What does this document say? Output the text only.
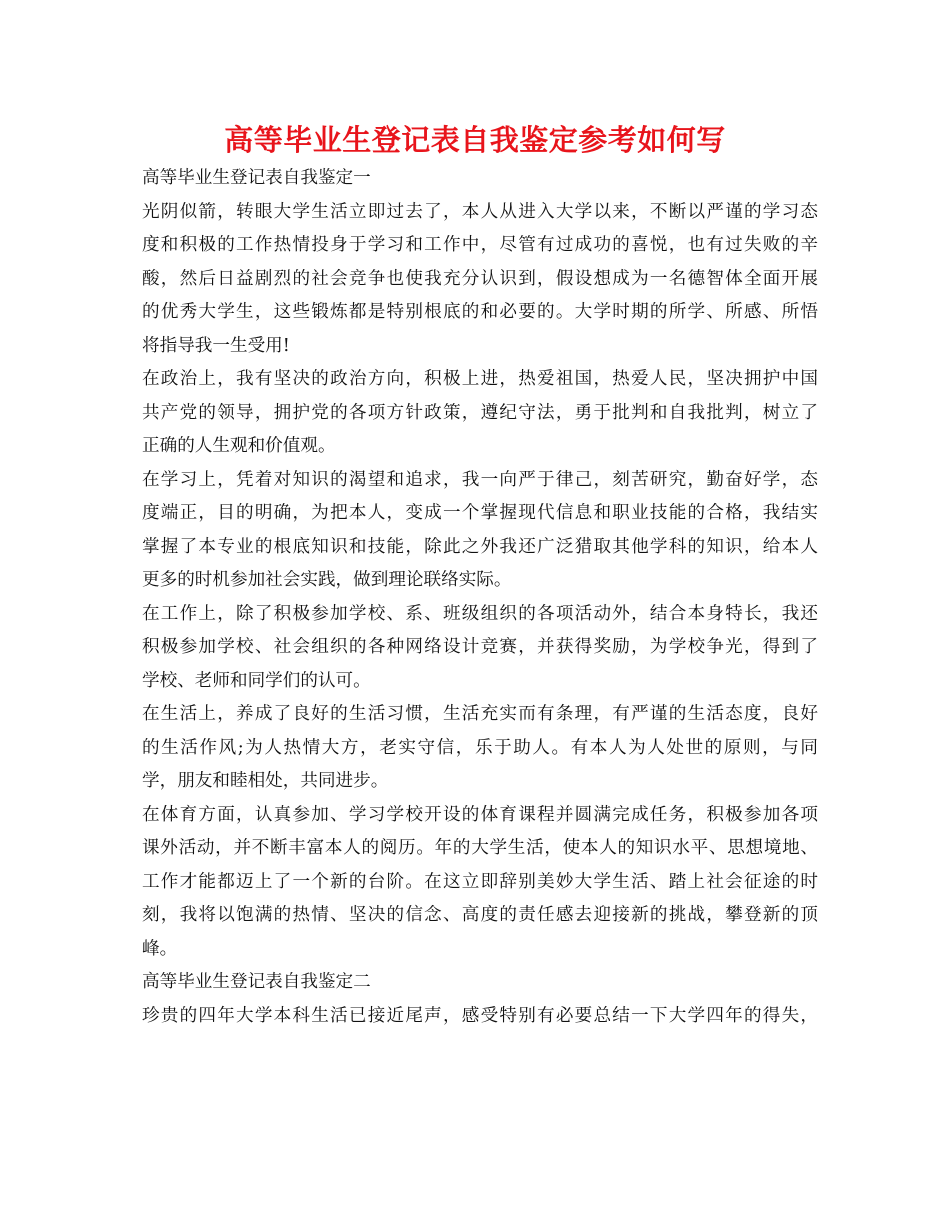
高等毕业生登记表自我鉴定参考如何写
高等毕业生登记表自我鉴定一
光阴似箭，转眼大学生活立即过去了，本人从进入大学以来，不断以严谨的学习态
度和积极的工作热情投身于学习和工作中，尽管有过成功的喜悦，也有过失败的辛
酸，然后日益剧烈的社会竞争也使我充分认识到，假设想成为一名德智体全面开展
的优秀大学生，这些锻炼都是特别根底的和必要的。大学时期的所学、所感、所悟
将指导我一生受用!
在政治上，我有坚决的政治方向，积极上进，热爱祖国，热爱人民，坚决拥护中国
共产党的领导，拥护党的各项方针政策，遵纪守法，勇于批判和自我批判，树立了
正确的人生观和价值观。
在学习上，凭着对知识的渴望和追求，我一向严于律己，刻苦研究，勤奋好学，态
度端正，目的明确，为把本人，变成一个掌握现代信息和职业技能的合格，我结实
掌握了本专业的根底知识和技能，除此之外我还广泛猎取其他学科的知识，给本人
更多的时机参加社会实践，做到理论联络实际。
在工作上，除了积极参加学校、系、班级组织的各项活动外，结合本身特长，我还
积极参加学校、社会组织的各种网络设计竞赛，并获得奖励，为学校争光，得到了
学校、老师和同学们的认可。
在生活上，养成了良好的生活习惯，生活充实而有条理，有严谨的生活态度，良好
的生活作风;为人热情大方，老实守信，乐于助人。有本人为人处世的原则，与同
学，朋友和睦相处，共同进步。
在体育方面，认真参加、学习学校开设的体育课程并圆满完成任务，积极参加各项
课外活动，并不断丰富本人的阅历。年的大学生活，使本人的知识水平、思想境地、
工作才能都迈上了一个新的台阶。在这立即辞别美妙大学生活、踏上社会征途的时
刻，我将以饱满的热情、坚决的信念、高度的责任感去迎接新的挑战，攀登新的顶
峰。
高等毕业生登记表自我鉴定二
珍贵的四年大学本科生活已接近尾声，感受特别有必要总结一下大学四年的得失，
